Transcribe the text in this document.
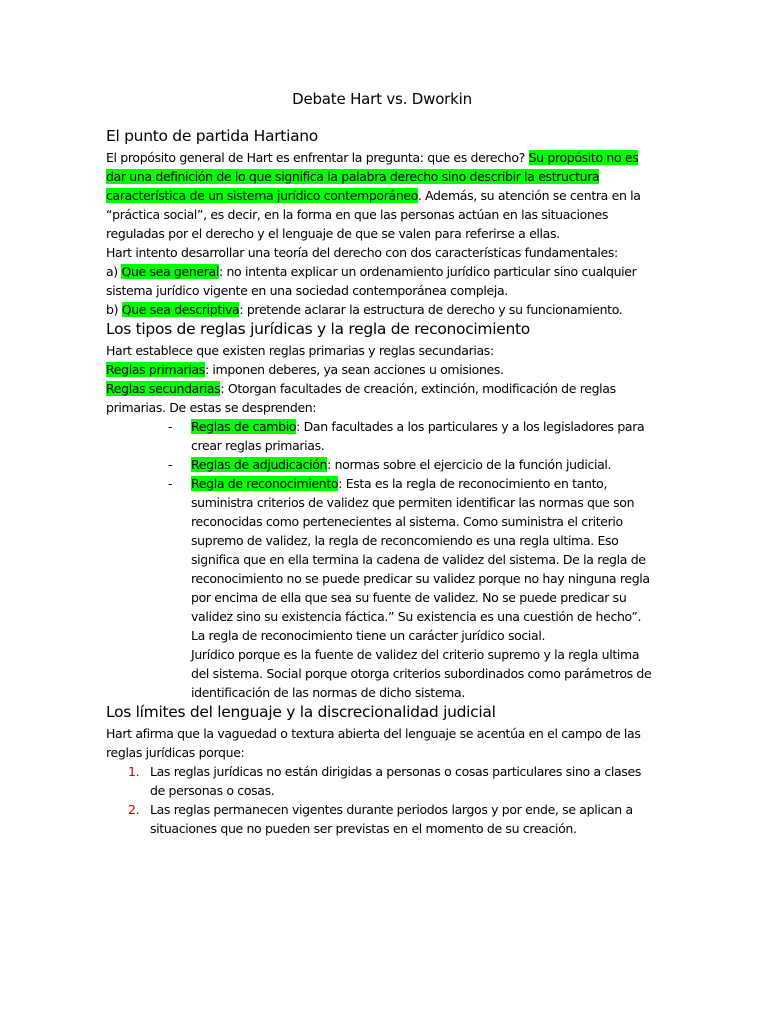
Debate Hart vs. Dworkin
El punto de partida Hartiano

El propósito general de Hart es enfrentar la pregunta: que es derecho? Su propósito no es dar una definición de lo que significa la palabra derecho sino describir la estructura característica de un sistema jurídico contemporáneo. Además, su atención se centra en la “práctica social”, es decir, en la forma en que las personas actúan en las situaciones reguladas por el derecho y el lenguaje de que se valen para referirse a ellas.

Hart intento desarrollar una teoría del derecho con dos características fundamentales:

a) Que sea general: no intenta explicar un ordenamiento jurídico particular sino cualquier sistema jurídico vigente en una sociedad contemporánea compleja.

b) Que sea descriptiva: pretende aclarar la estructura de derecho y su funcionamiento.

Los tipos de reglas jurídicas y la regla de reconocimiento

Hart establece que existen reglas primarias y reglas secundarias:

Reglas primarias: imponen deberes, ya sean acciones u omisiones.

Reglas secundarias: Otorgan facultades de creación, extinción, modificación de reglas primarias. De estas se desprenden:

- Reglas de cambio: Dan facultades a los particulares y a los legisladores para crear reglas primarias.
- Reglas de adjudicación: normas sobre el ejercicio de la función judicial.
- Regla de reconocimiento: Esta es la regla de reconocimiento en tanto, suministra criterios de validez que permiten identificar las normas que son reconocidas como pertenecientes al sistema. Como suministra el criterio supremo de validez, la regla de reconcomiendo es una regla ultima. Eso significa que en ella termina la cadena de validez del sistema. De la regla de reconocimiento no se puede predicar su validez porque no hay ninguna regla por encima de ella que sea su fuente de validez. No se puede predicar su validez sino su existencia fáctica.” Su existencia es una cuestión de hecho”. La regla de reconocimiento tiene un carácter jurídico social.
Jurídico porque es la fuente de validez del criterio supremo y la regla ultima del sistema. Social porque otorga criterios subordinados como parámetros de identificación de las normas de dicho sistema.
Los límites del lenguaje y la discrecionalidad judicial

Hart afirma que la vaguedad o textura abierta del lenguaje se acentúa en el campo de las reglas jurídicas porque:

1. Las reglas jurídicas no están dirigidas a personas o cosas particulares sino a clases de personas o cosas.
2. Las reglas permanecen vigentes durante periodos largos y por ende, se aplican a situaciones que no pueden ser previstas en el momento de su creación.
